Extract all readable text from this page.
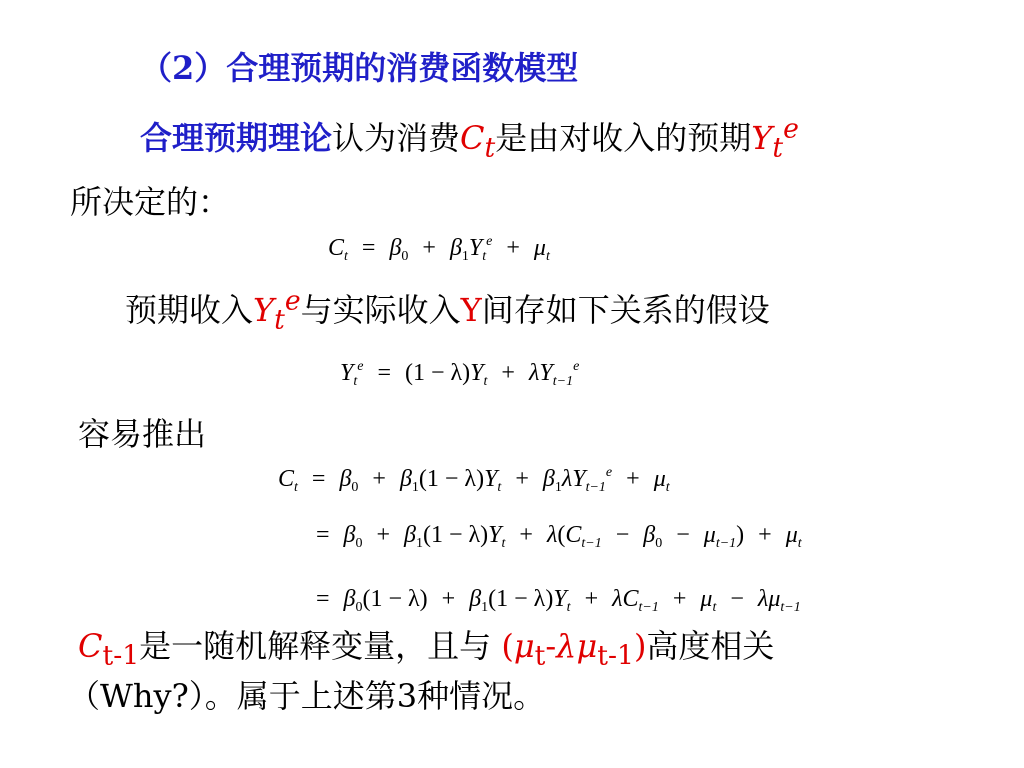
（2）合理预期的消费函数模型
合理预期理论认为消费$C_t$是由对收入的预期$Y_t^e$
所决定的：
$C_t = \beta_0 + \beta_1Y_t^e + \mu_t$
预期收入$Y_t^e$与实际收入Y间存如下关系的假设
$Y_t^e = (1 - \lambda)Y_t + \lambda Y_{t-1}^e$
容易推出
$C_t = \beta_0 + \beta_1(1 - \lambda)Y_t + \beta_1\lambda Y_{t-1}^e + \mu_t$
= $\beta_0 + \beta_1(1 - \lambda)Y_t + \lambda(C_{t-1} - \beta_0 - \mu_{t-1}) + \mu_t$
= $\beta_0(1 - \lambda) + \beta_1(1 - \lambda)Y_t + \lambda C_{t-1} + \mu_t - \lambda\mu_{t-1}$
$C_{t-1}$是一随机解释变量，且与 $(\mu_t-\lambda\mu_{t-1})$高度相关
（Why?）。属于上述第3种情况。
